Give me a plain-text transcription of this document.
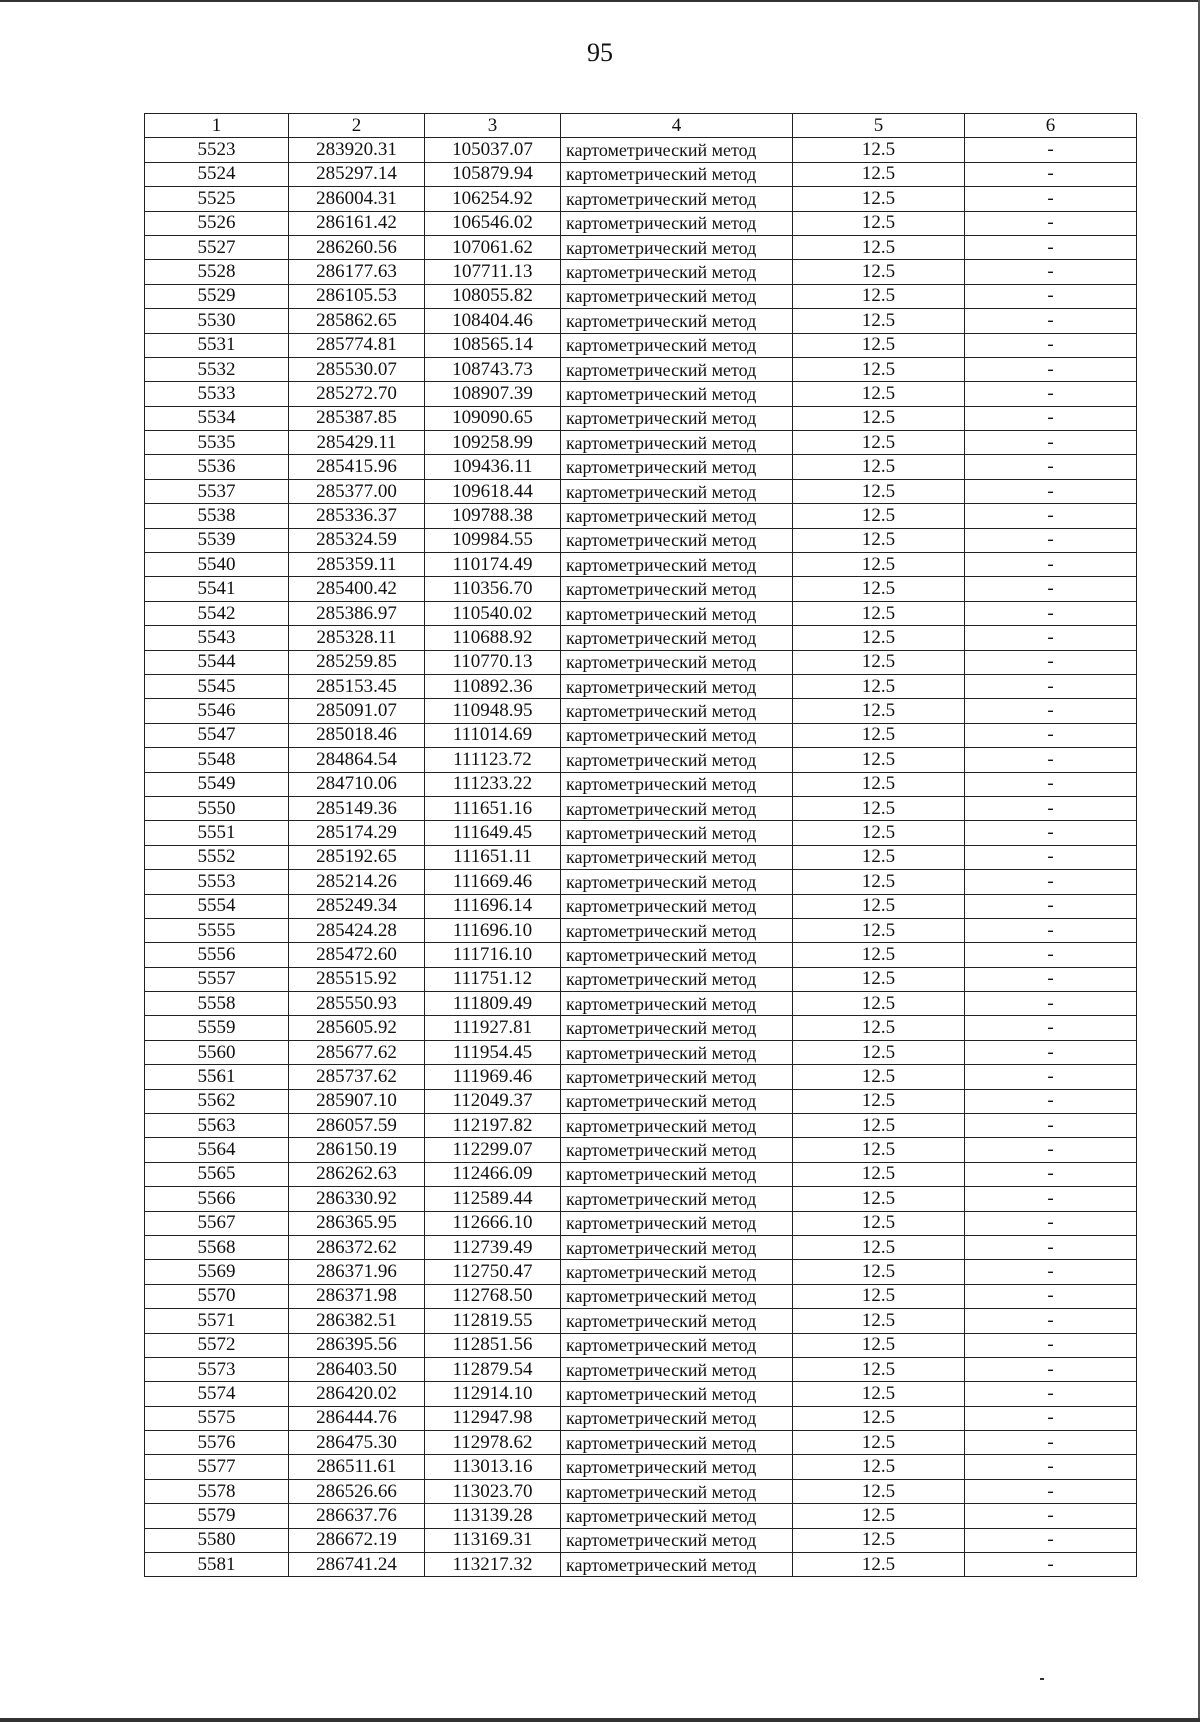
95
1	2	3	4	5	6
5523	283920.31	105037.07	картометрический метод	12.5	-
5524	285297.14	105879.94	картометрический метод	12.5	-
5525	286004.31	106254.92	картометрический метод	12.5	-
5526	286161.42	106546.02	картометрический метод	12.5	-
5527	286260.56	107061.62	картометрический метод	12.5	-
5528	286177.63	107711.13	картометрический метод	12.5	-
5529	286105.53	108055.82	картометрический метод	12.5	-
5530	285862.65	108404.46	картометрический метод	12.5	-
5531	285774.81	108565.14	картометрический метод	12.5	-
5532	285530.07	108743.73	картометрический метод	12.5	-
5533	285272.70	108907.39	картометрический метод	12.5	-
5534	285387.85	109090.65	картометрический метод	12.5	-
5535	285429.11	109258.99	картометрический метод	12.5	-
5536	285415.96	109436.11	картометрический метод	12.5	-
5537	285377.00	109618.44	картометрический метод	12.5	-
5538	285336.37	109788.38	картометрический метод	12.5	-
5539	285324.59	109984.55	картометрический метод	12.5	-
5540	285359.11	110174.49	картометрический метод	12.5	-
5541	285400.42	110356.70	картометрический метод	12.5	-
5542	285386.97	110540.02	картометрический метод	12.5	-
5543	285328.11	110688.92	картометрический метод	12.5	-
5544	285259.85	110770.13	картометрический метод	12.5	-
5545	285153.45	110892.36	картометрический метод	12.5	-
5546	285091.07	110948.95	картометрический метод	12.5	-
5547	285018.46	111014.69	картометрический метод	12.5	-
5548	284864.54	111123.72	картометрический метод	12.5	-
5549	284710.06	111233.22	картометрический метод	12.5	-
5550	285149.36	111651.16	картометрический метод	12.5	-
5551	285174.29	111649.45	картометрический метод	12.5	-
5552	285192.65	111651.11	картометрический метод	12.5	-
5553	285214.26	111669.46	картометрический метод	12.5	-
5554	285249.34	111696.14	картометрический метод	12.5	-
5555	285424.28	111696.10	картометрический метод	12.5	-
5556	285472.60	111716.10	картометрический метод	12.5	-
5557	285515.92	111751.12	картометрический метод	12.5	-
5558	285550.93	111809.49	картометрический метод	12.5	-
5559	285605.92	111927.81	картометрический метод	12.5	-
5560	285677.62	111954.45	картометрический метод	12.5	-
5561	285737.62	111969.46	картометрический метод	12.5	-
5562	285907.10	112049.37	картометрический метод	12.5	-
5563	286057.59	112197.82	картометрический метод	12.5	-
5564	286150.19	112299.07	картометрический метод	12.5	-
5565	286262.63	112466.09	картометрический метод	12.5	-
5566	286330.92	112589.44	картометрический метод	12.5	-
5567	286365.95	112666.10	картометрический метод	12.5	-
5568	286372.62	112739.49	картометрический метод	12.5	-
5569	286371.96	112750.47	картометрический метод	12.5	-
5570	286371.98	112768.50	картометрический метод	12.5	-
5571	286382.51	112819.55	картометрический метод	12.5	-
5572	286395.56	112851.56	картометрический метод	12.5	-
5573	286403.50	112879.54	картометрический метод	12.5	-
5574	286420.02	112914.10	картометрический метод	12.5	-
5575	286444.76	112947.98	картометрический метод	12.5	-
5576	286475.30	112978.62	картометрический метод	12.5	-
5577	286511.61	113013.16	картометрический метод	12.5	-
5578	286526.66	113023.70	картометрический метод	12.5	-
5579	286637.76	113139.28	картометрический метод	12.5	-
5580	286672.19	113169.31	картометрический метод	12.5	-
5581	286741.24	113217.32	картометрический метод	12.5	-
